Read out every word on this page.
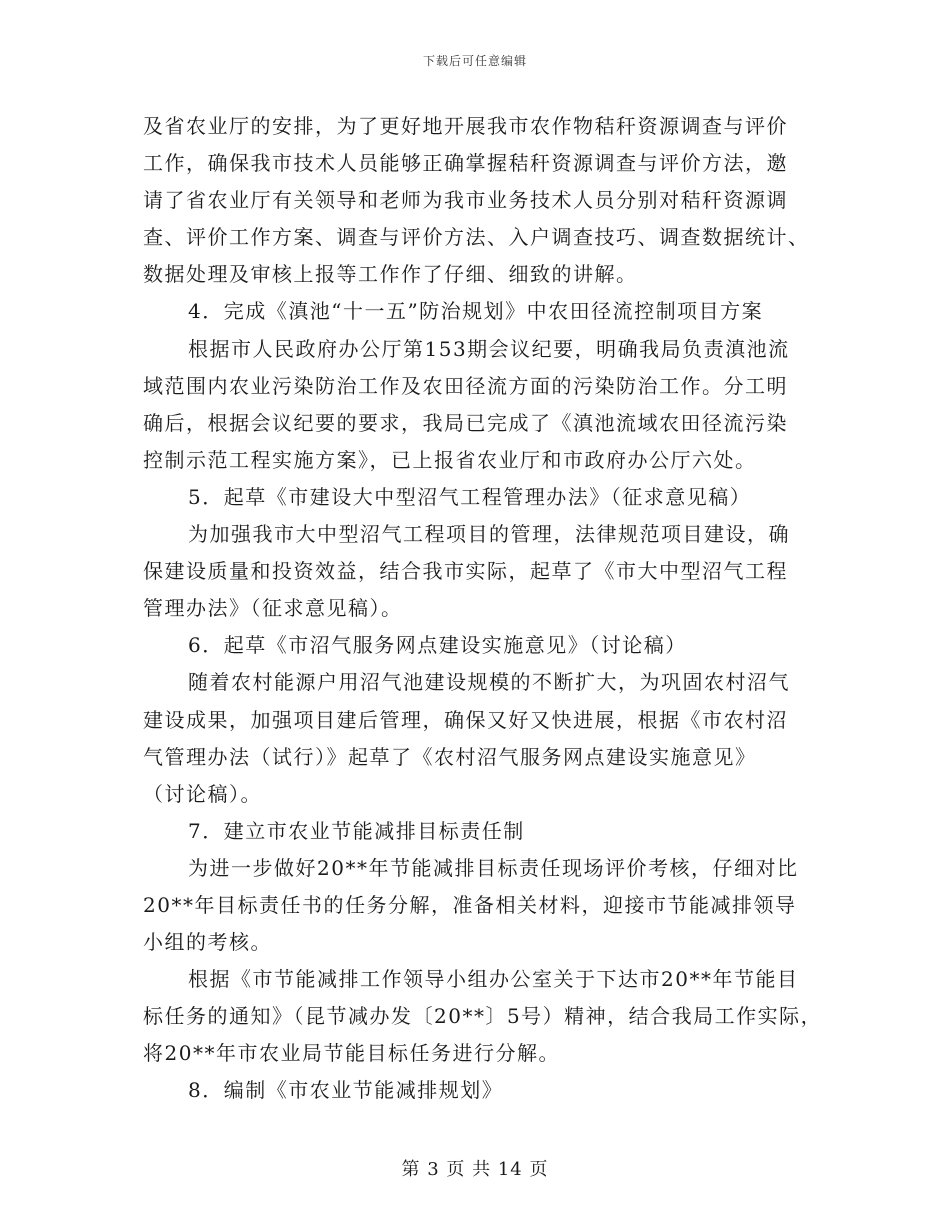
下载后可任意编辑
及省农业厅的安排，为了更好地开展我市农作物秸秆资源调查与评价
工作，确保我市技术人员能够正确掌握秸秆资源调查与评价方法，邀
请了省农业厅有关领导和老师为我市业务技术人员分别对秸秆资源调
查、评价工作方案、调查与评价方法、入户调查技巧、调查数据统计、
数据处理及审核上报等工作作了仔细、细致的讲解。
4．完成《滇池“十一五”防治规划》中农田径流控制项目方案
根据市人民政府办公厅第153期会议纪要，明确我局负责滇池流
域范围内农业污染防治工作及农田径流方面的污染防治工作。分工明
确后，根据会议纪要的要求，我局已完成了《滇池流域农田径流污染
控制示范工程实施方案》，已上报省农业厅和市政府办公厅六处。
5．起草《市建设大中型沼气工程管理办法》（征求意见稿）
为加强我市大中型沼气工程项目的管理，法律规范项目建设，确
保建设质量和投资效益，结合我市实际，起草了《市大中型沼气工程
管理办法》（征求意见稿）。
6．起草《市沼气服务网点建设实施意见》（讨论稿）
随着农村能源户用沼气池建设规模的不断扩大，为巩固农村沼气
建设成果，加强项目建后管理，确保又好又快进展，根据《市农村沼
气管理办法（试行）》起草了《农村沼气服务网点建设实施意见》
（讨论稿）。
7．建立市农业节能减排目标责任制
为进一步做好20**年节能减排目标责任现场评价考核，仔细对比
20**年目标责任书的任务分解，准备相关材料，迎接市节能减排领导
小组的考核。
根据《市节能减排工作领导小组办公室关于下达市20**年节能目
标任务的通知》（昆节减办发〔20**〕5号）精神，结合我局工作实际，
将20**年市农业局节能目标任务进行分解。
8．编制《市农业节能减排规划》
第 3 页 共 14 页
